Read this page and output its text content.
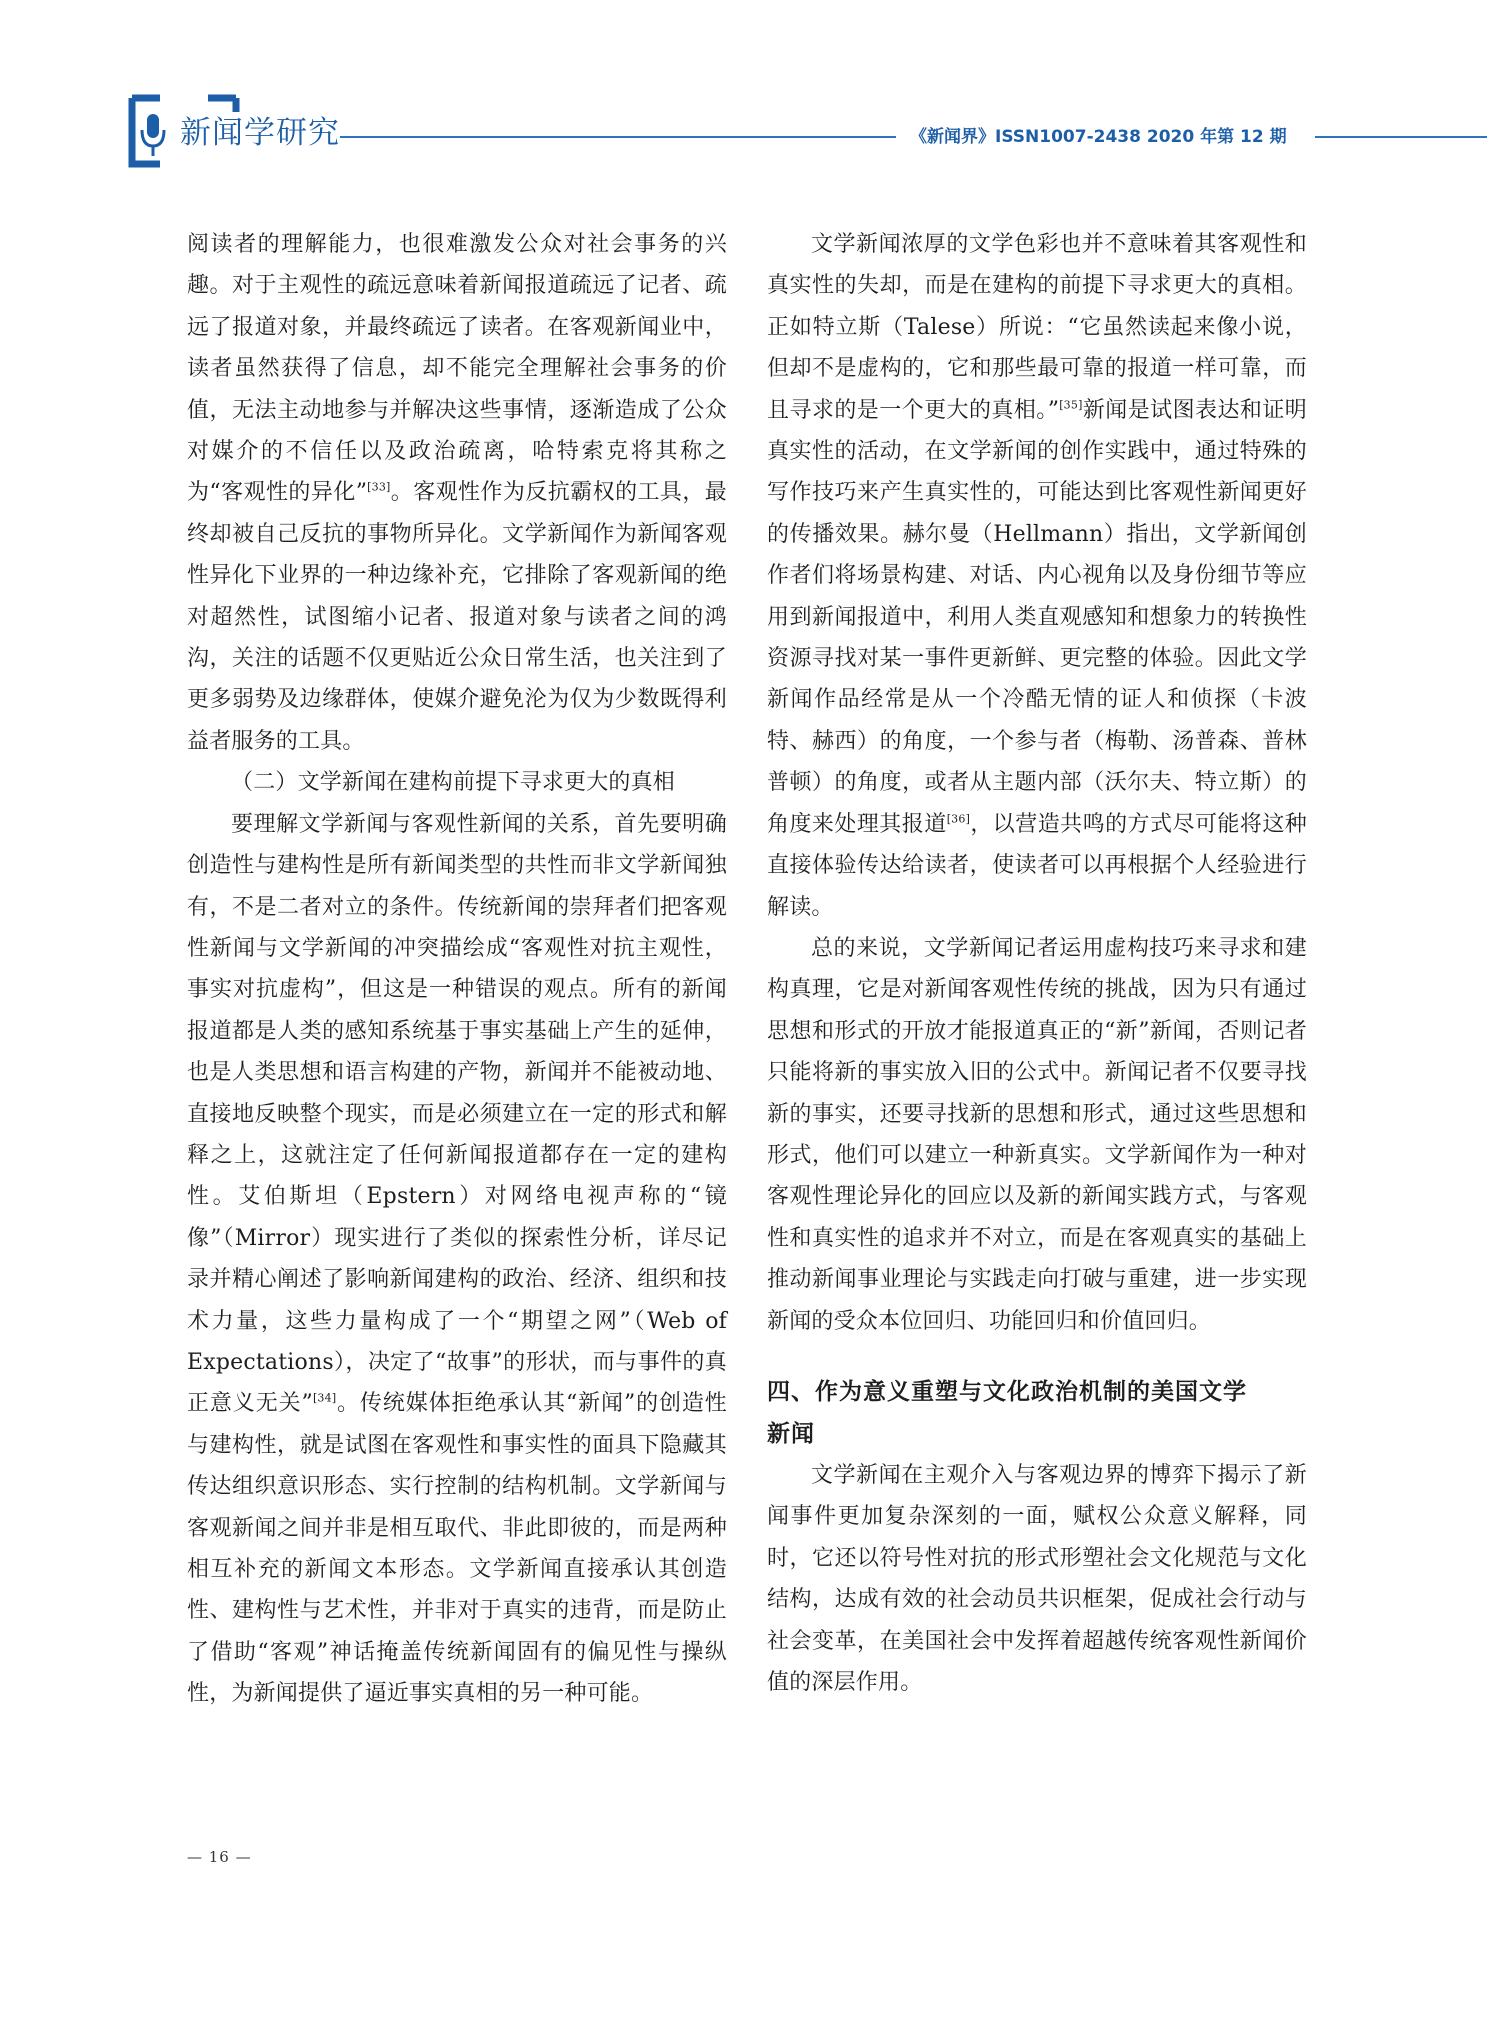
新闻学研究	《新闻界》ISSN1007-2438 2020 年第 12 期

阅读者的理解能力，也很难激发公众对社会事务的兴趣。对于主观性的疏远意味着新闻报道疏远了记者、疏远了报道对象，并最终疏远了读者。在客观新闻业中，读者虽然获得了信息，却不能完全理解社会事务的价值，无法主动地参与并解决这些事情，逐渐造成了公众对媒介的不信任以及政治疏离，哈特索克将其称之为“客观性的异化”[33]。客观性作为反抗霸权的工具，最终却被自己反抗的事物所异化。文学新闻作为新闻客观性异化下业界的一种边缘补充，它排除了客观新闻的绝对超然性，试图缩小记者、报道对象与读者之间的鸿沟，关注的话题不仅更贴近公众日常生活，也关注到了更多弱势及边缘群体，使媒介避免沦为仅为少数既得利益者服务的工具。

（二）文学新闻在建构前提下寻求更大的真相

要理解文学新闻与客观性新闻的关系，首先要明确创造性与建构性是所有新闻类型的共性而非文学新闻独有，不是二者对立的条件。传统新闻的崇拜者们把客观性新闻与文学新闻的冲突描绘成“客观性对抗主观性，事实对抗虚构”，但这是一种错误的观点。所有的新闻报道都是人类的感知系统基于事实基础上产生的延伸，也是人类思想和语言构建的产物，新闻并不能被动地、直接地反映整个现实，而是必须建立在一定的形式和解释之上，这就注定了任何新闻报道都存在一定的建构性。艾伯斯坦（Epstern）对网络电视声称的“镜像”（Mirror）现实进行了类似的探索性分析，详尽记录并精心阐述了影响新闻建构的政治、经济、组织和技术力量，这些力量构成了一个“期望之网”（Web of Expectations），决定了“故事”的形状，而与事件的真正意义无关”[34]。传统媒体拒绝承认其“新闻”的创造性与建构性，就是试图在客观性和事实性的面具下隐藏其传达组织意识形态、实行控制的结构机制。文学新闻与客观新闻之间并非是相互取代、非此即彼的，而是两种相互补充的新闻文本形态。文学新闻直接承认其创造性、建构性与艺术性，并非对于真实的违背，而是防止了借助“客观”神话掩盖传统新闻固有的偏见性与操纵性，为新闻提供了逼近事实真相的另一种可能。

文学新闻浓厚的文学色彩也并不意味着其客观性和真实性的失却，而是在建构的前提下寻求更大的真相。正如特立斯（Talese）所说：“它虽然读起来像小说，但却不是虚构的，它和那些最可靠的报道一样可靠，而且寻求的是一个更大的真相。”[35]新闻是试图表达和证明真实性的活动，在文学新闻的创作实践中，通过特殊的写作技巧来产生真实性的，可能达到比客观性新闻更好的传播效果。赫尔曼（Hellmann）指出，文学新闻创作者们将场景构建、对话、内心视角以及身份细节等应用到新闻报道中，利用人类直观感知和想象力的转换性资源寻找对某一事件更新鲜、更完整的体验。因此文学新闻作品经常是从一个冷酷无情的证人和侦探（卡波特、赫西）的角度，一个参与者（梅勒、汤普森、普林普顿）的角度，或者从主题内部（沃尔夫、特立斯）的角度来处理其报道[36]，以营造共鸣的方式尽可能将这种直接体验传达给读者，使读者可以再根据个人经验进行解读。

总的来说，文学新闻记者运用虚构技巧来寻求和建构真理，它是对新闻客观性传统的挑战，因为只有通过思想和形式的开放才能报道真正的“新”新闻，否则记者只能将新的事实放入旧的公式中。新闻记者不仅要寻找新的事实，还要寻找新的思想和形式，通过这些思想和形式，他们可以建立一种新真实。文学新闻作为一种对客观性理论异化的回应以及新的新闻实践方式，与客观性和真实性的追求并不对立，而是在客观真实的基础上推动新闻事业理论与实践走向打破与重建，进一步实现新闻的受众本位回归、功能回归和价值回归。

四、作为意义重塑与文化政治机制的美国文学
新闻

文学新闻在主观介入与客观边界的博弈下揭示了新闻事件更加复杂深刻的一面，赋权公众意义解释，同时，它还以符号性对抗的形式形塑社会文化规范与文化结构，达成有效的社会动员共识框架，促成社会行动与社会变革，在美国社会中发挥着超越传统客观性新闻价值的深层作用。

— 16 —
